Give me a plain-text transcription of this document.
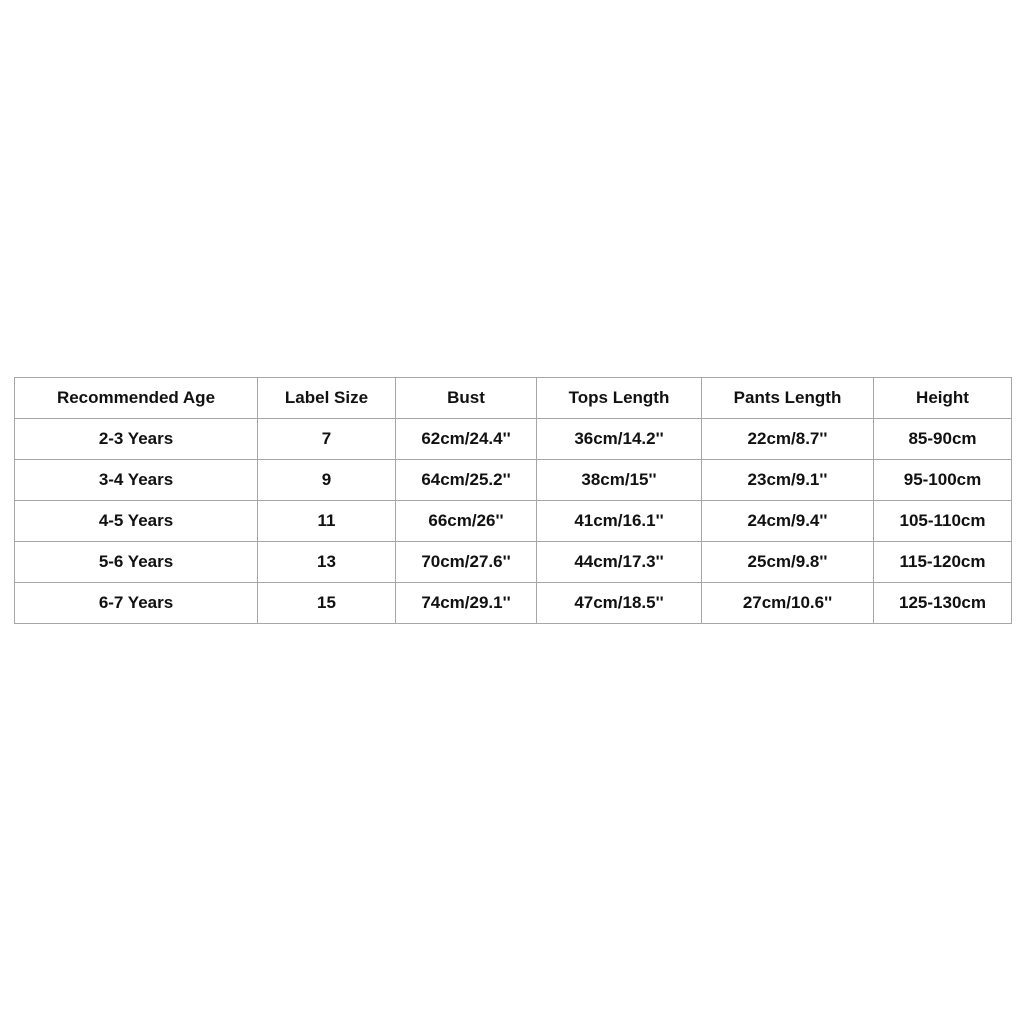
Recommended Age	Label Size	Bust	Tops Length	Pants Length	Height
2-3 Years	7	62cm/24.4''	36cm/14.2''	22cm/8.7''	85-90cm
3-4 Years	9	64cm/25.2''	38cm/15''	23cm/9.1''	95-100cm
4-5 Years	11	66cm/26''	41cm/16.1''	24cm/9.4''	105-110cm
5-6 Years	13	70cm/27.6''	44cm/17.3''	25cm/9.8''	115-120cm
6-7 Years	15	74cm/29.1''	47cm/18.5''	27cm/10.6''	125-130cm
